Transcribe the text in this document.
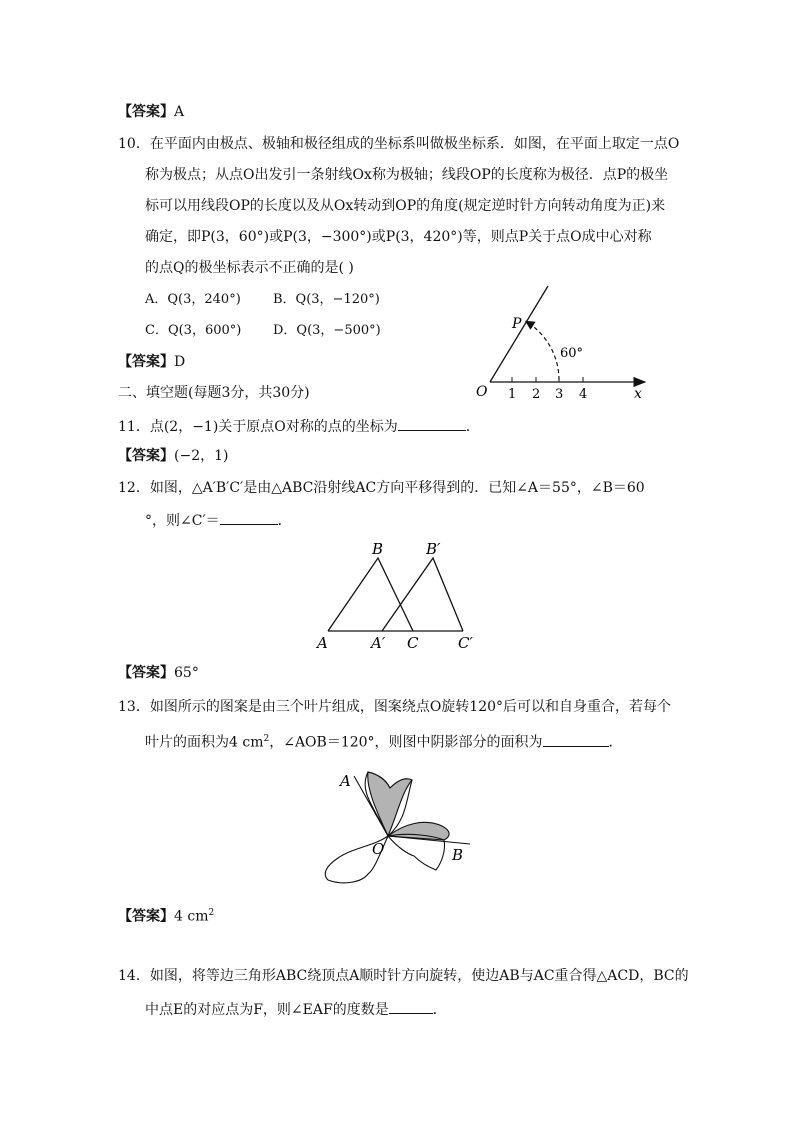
【答案】A
10．在平面内由极点、极轴和极径组成的坐标系叫做极坐标系．如图，在平面上取定一点O
称为极点；从点O出发引一条射线Ox称为极轴；线段OP的长度称为极径．点P的极坐
标可以用线段OP的长度以及从Ox转动到OP的角度(规定逆时针方向转动角度为正)来
确定，即P(3，60°)或P(3，−300°)或P(3，420°)等，则点P关于点O成中心对称
的点Q的极坐标表示不正确的是( )
A．Q(3，240°) B．Q(3，−120°)
C．Q(3，600°) D．Q(3，−500°)
【答案】D
P
O	x
60°
1 2 3 4
二、填空题(每题3分，共30分)
11．点(2，−1)关于原点O对称的点的坐标为	．
【答案】(−2，1)
12．如图，△A′B′C′是由△ABC沿射线AC方向平移得到的．已知∠A＝55°，∠B＝60
°，则∠C′＝	．
B	B′
A	A′ C	C′
【答案】65°
13．如图所示的图案是由三个叶片组成，图案绕点O旋转120°后可以和自身重合，若每个
叶片的面积为4 $cm^2$，∠AOB＝120°，则图中阴影部分的面积为	．
A
O	B
【答案】4 $cm^2$
14．如图，将等边三角形ABC绕顶点A顺时针方向旋转，使边AB与AC重合得△ACD，BC的
中点E的对应点为F，则∠EAF的度数是	．
